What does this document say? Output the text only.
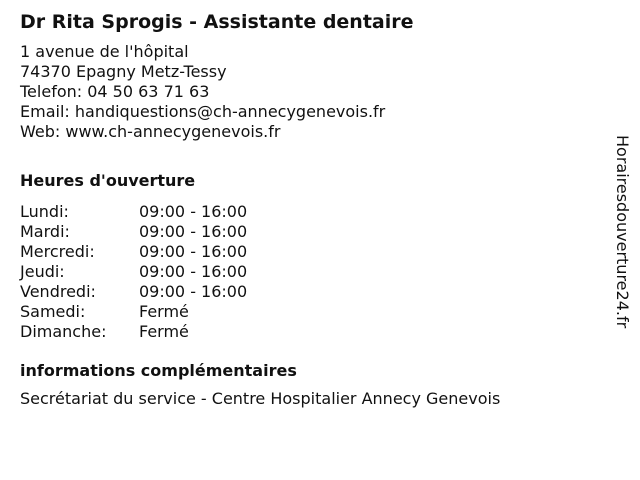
Dr Rita Sprogis - Assistante dentaire
1 avenue de l'hôpital
74370 Epagny Metz-Tessy
Telefon: 04 50 63 71 63
Email: handiquestions@ch-annecygenevois.fr
Web: www.ch-annecygenevois.fr
Heures d'ouverture
Lundi:	09:00 - 16:00
Mardi:	09:00 - 16:00
Mercredi:	09:00 - 16:00
Jeudi:	09:00 - 16:00
Vendredi:	09:00 - 16:00
Samedi:	Fermé
Dimanche:	Fermé
informations complémentaires
Secrétariat du service - Centre Hospitalier Annecy Genevois
Horairesdouverture24.fr
